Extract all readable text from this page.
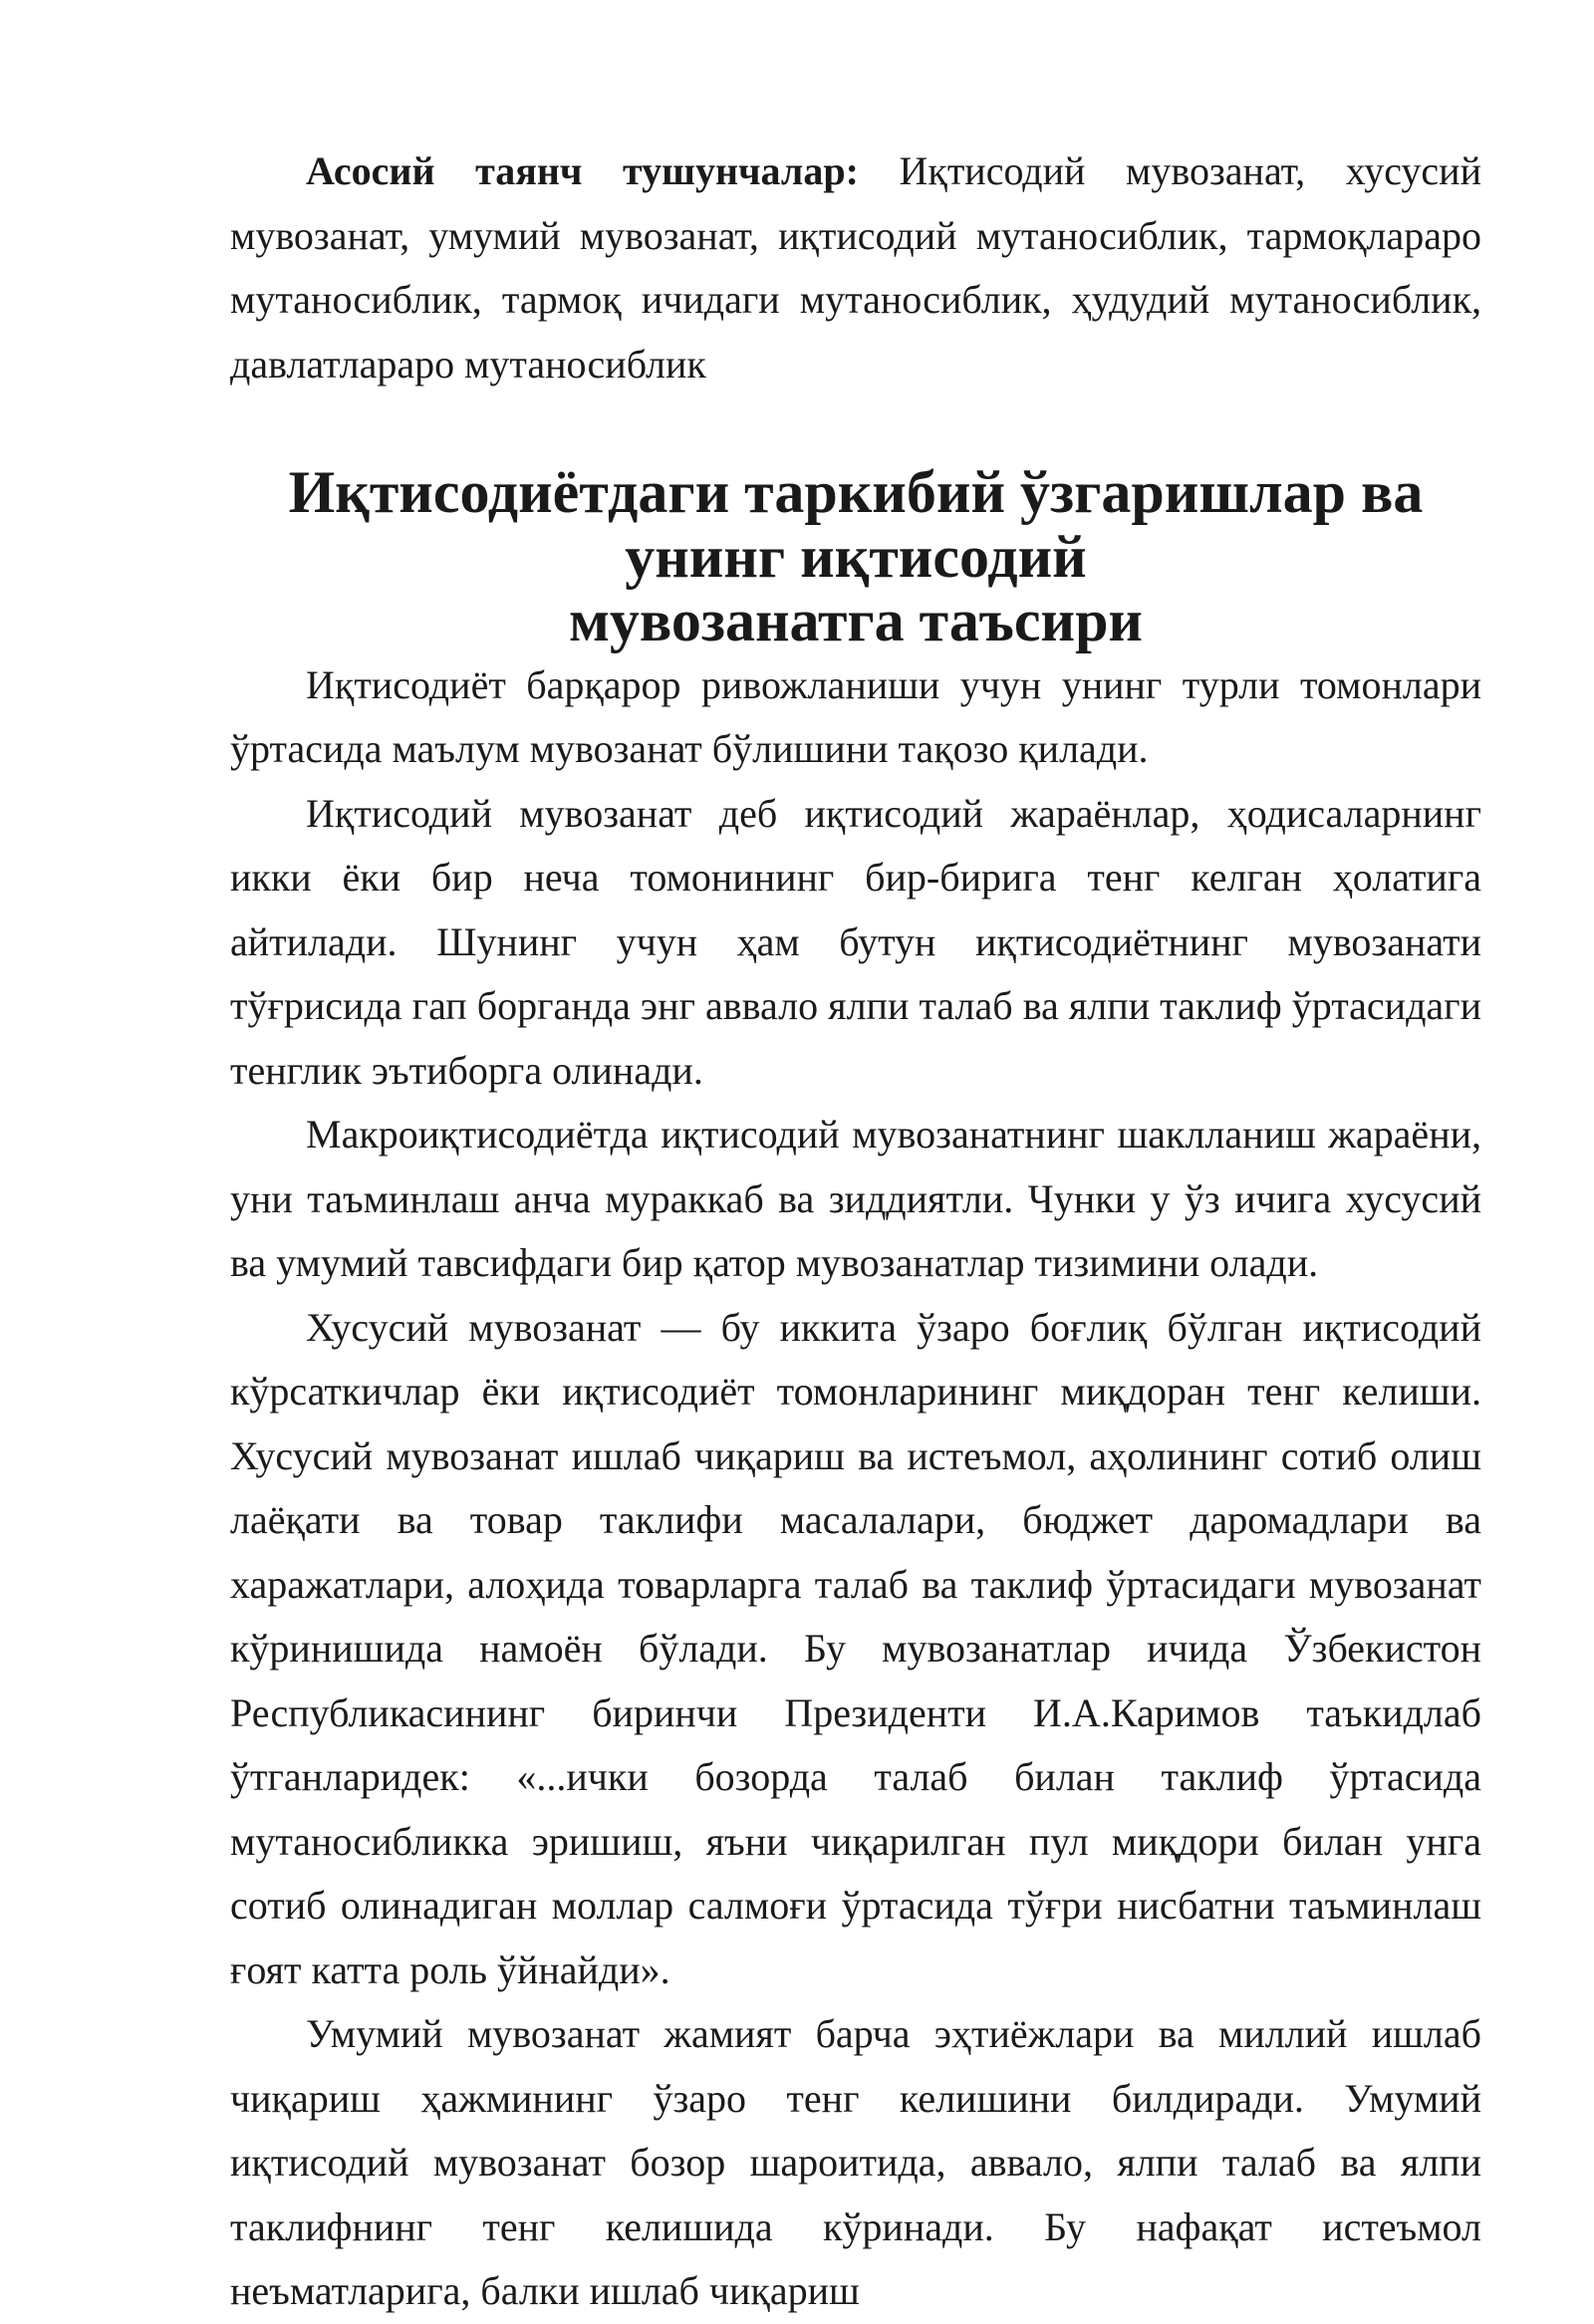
Асосий таянч тушунчалар: Иқтисодий мувозанат, хусусий мувозанат, умумий мувозанат, иқтисодий мутаносиблик, тармоқлараро мутаносиблик, тармоқ ичидаги мутаносиблик, ҳудудий мутаносиблик, давлатлараро мутаносиблик

Иқтисодиётдаги таркибий ўзгаришлар ва унинг иқтисодий
мувозанатга таъсири

Иқтисодиёт барқарор ривожланиши учун унинг турли томонлари ўртасида маълум мувозанат бўлишини тақозо қилади.

Иқтисодий мувозанат деб иқтисодий жараёнлар, ҳодисаларнинг икки ёки бир неча томонининг бир-бирига тенг келган ҳолатига айтилади. Шунинг учун ҳам бутун иқтисодиётнинг мувозанати тўғрисида гап борганда энг аввало ялпи талаб ва ялпи таклиф ўртасидаги тенглик эътиборга олинади.

Макроиқтисодиётда иқтисодий мувозанатнинг шаклланиш жараёни, уни таъминлаш анча мураккаб ва зиддиятли. Чунки у ўз ичига хусусий ва умумий тавсифдаги бир қатор мувозанатлар тизимини олади.

Хусусий мувозанат — бу иккита ўзаро боғлиқ бўлган иқтисодий кўрсаткичлар ёки иқтисодиёт томонларининг миқдоран тенг келиши. Хусусий мувозанат ишлаб чиқариш ва истеъмол, аҳолининг сотиб олиш лаёқати ва товар таклифи масалалари, бюджет даромадлари ва харажатлари, алоҳида товарларга талаб ва таклиф ўртасидаги мувозанат кўринишида намоён бўлади. Бу мувозанатлар ичида Ўзбекистон Республикасининг биринчи Президенти И.А.Каримов таъкидлаб ўтганларидек: «...ички бозорда талаб билан таклиф ўртасида мутаносибликка эришиш, яъни чиқарилган пул миқдори билан унга сотиб олинадиган моллар салмоғи ўртасида тўғри нисбатни таъминлаш ғоят катта роль ўйнайди».

Умумий мувозанат жамият барча эҳтиёжлари ва миллий ишлаб чиқариш ҳажмининг ўзаро тенг келишини билдиради. Умумий иқтисодий мувозанат бозор шароитида, аввало, ялпи талаб ва ялпи таклифнинг тенг келишида кўринади. Бу нафақат истеъмол неъматларига, балки ишлаб чиқариш
